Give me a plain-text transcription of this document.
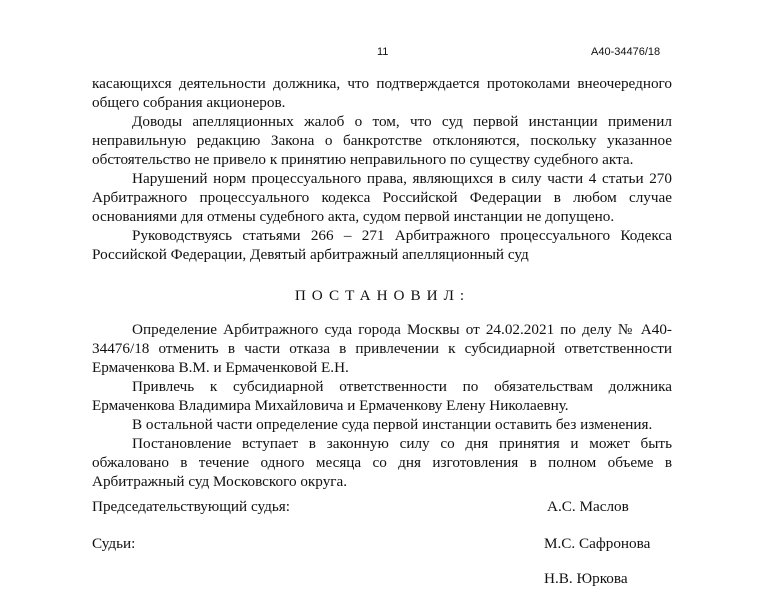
11	А40-34476/18

касающихся деятельности должника, что подтверждается протоколами внеочередного общего собрания акционеров.

Доводы апелляционных жалоб о том, что суд первой инстанции применил неправильную редакцию Закона о банкротстве отклоняются, поскольку указанное обстоятельство не привело к принятию неправильного по существу судебного акта.

Нарушений норм процессуального права, являющихся в силу части 4 статьи 270 Арбитражного процессуального кодекса Российской Федерации в любом случае основаниями для отмены судебного акта, судом первой инстанции не допущено.

Руководствуясь статьями 266 – 271 Арбитражного процессуального Кодекса Российской Федерации, Девятый арбитражный апелляционный суд

ПОСТАНОВИЛ:

Определение Арбитражного суда города Москвы от 24.02.2021 по делу № А40-34476/18 отменить в части отказа в привлечении к субсидиарной ответственности Ермаченкова В.М. и Ермаченковой Е.Н.

Привлечь к субсидиарной ответственности по обязательствам должника Ермаченкова Владимира Михайловича и Ермаченкову Елену Николаевну.

В остальной части определение суда первой инстанции оставить без изменения.

Постановление вступает в законную силу со дня принятия и может быть обжаловано в течение одного месяца со дня изготовления в полном объеме в Арбитражный суд Московского округа.

Председательствующий судья:	А.С. Маслов
Судьи:	М.С. Сафронова
Н.В. Юркова
